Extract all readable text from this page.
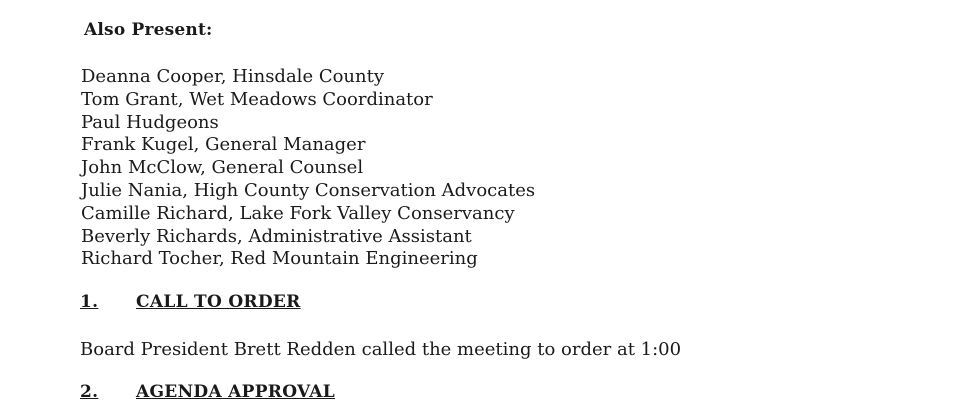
Also Present:
Deanna Cooper, Hinsdale County
Tom Grant, Wet Meadows Coordinator
Paul Hudgeons
Frank Kugel, General Manager
John McClow, General Counsel
Julie Nania, High County Conservation Advocates
Camille Richard, Lake Fork Valley Conservancy
Beverly Richards, Administrative Assistant
Richard Tocher, Red Mountain Engineering
1. CALL TO ORDER
Board President Brett Redden called the meeting to order at 1:00
2. AGENDA APPROVAL
